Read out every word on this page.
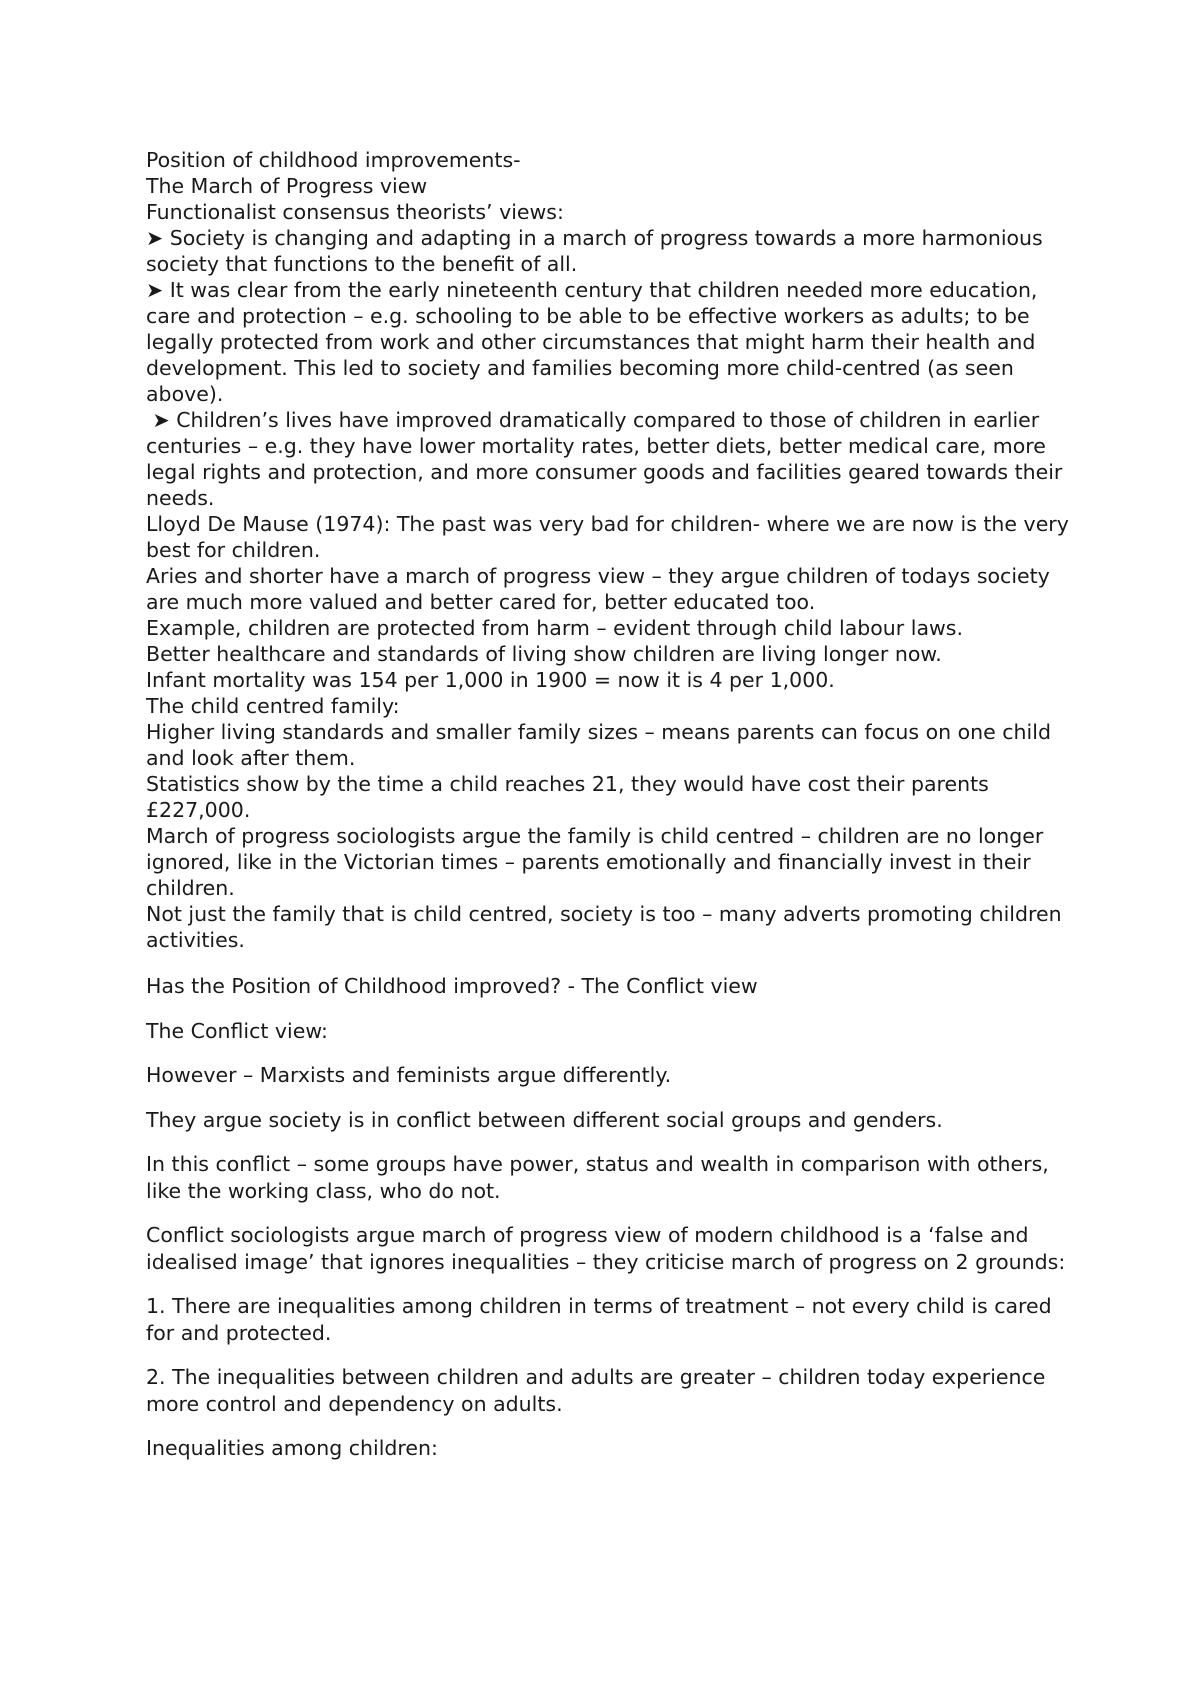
Position of childhood improvements-
The March of Progress view
Functionalist consensus theorists’ views:
➤ Society is changing and adapting in a march of progress towards a more harmonious society that functions to the benefit of all.
➤ It was clear from the early nineteenth century that children needed more education, care and protection – e.g. schooling to be able to be effective workers as adults; to be legally protected from work and other circumstances that might harm their health and development. This led to society and families becoming more child-centred (as seen above).
➤ Children’s lives have improved dramatically compared to those of children in earlier centuries – e.g. they have lower mortality rates, better diets, better medical care, more legal rights and protection, and more consumer goods and facilities geared towards their needs.
Lloyd De Mause (1974): The past was very bad for children- where we are now is the very best for children.
Aries and shorter have a march of progress view – they argue children of todays society are much more valued and better cared for, better educated too.
Example, children are protected from harm – evident through child labour laws.
Better healthcare and standards of living show children are living longer now.
Infant mortality was 154 per 1,000 in 1900 = now it is 4 per 1,000.
The child centred family:
Higher living standards and smaller family sizes – means parents can focus on one child and look after them.
Statistics show by the time a child reaches 21, they would have cost their parents £227,000.
March of progress sociologists argue the family is child centred – children are no longer ignored, like in the Victorian times – parents emotionally and financially invest in their children.
Not just the family that is child centred, society is too – many adverts promoting children activities.
Has the Position of Childhood improved? - The Conflict view
The Conflict view:
However – Marxists and feminists argue differently.
They argue society is in conflict between different social groups and genders.
In this conflict – some groups have power, status and wealth in comparison with others, like the working class, who do not.
Conflict sociologists argue march of progress view of modern childhood is a ‘false and idealised image’ that ignores inequalities – they criticise march of progress on 2 grounds:
1. There are inequalities among children in terms of treatment – not every child is cared for and protected.
2. The inequalities between children and adults are greater – children today experience more control and dependency on adults.
Inequalities among children:
